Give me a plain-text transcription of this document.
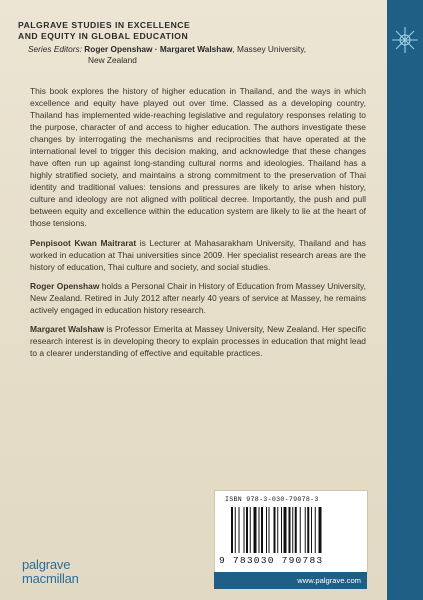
PALGRAVE STUDIES IN EXCELLENCE
AND EQUITY IN GLOBAL EDUCATION
Series Editors: Roger Openshaw · Margaret Walshaw, Massey University,
New Zealand

This book explores the history of higher education in Thailand, and the ways in which excellence and equity have played out over time. Classed as a developing country, Thailand has implemented wide-reaching legislative and regulatory responses relating to the purpose, character of and access to higher education. The authors investigate these changes by interrogating the mechanisms and reciprocities that have operated at the international level to trigger this decision making, and acknowledge that these changes have often run up against long-standing cultural norms and ideologies. Thailand has a highly stratified society, and maintains a strong commitment to the preservation of Thai identity and traditional values: tensions and pressures are likely to arise when history, culture and ideology are not aligned with political decree. Importantly, the push and pull between equity and excellence within the education system are likely to lie at the heart of those tensions.

Penpisoot Kwan Maitrarat is Lecturer at Mahasarakham University, Thailand and has worked in education at Thai universities since 2009. Her specialist research areas are the history of education, Thai culture and society, and social studies.

Roger Openshaw holds a Personal Chair in History of Education from Massey University, New Zealand. Retired in July 2012 after nearly 40 years of service at Massey, he remains actively engaged in education history research.

Margaret Walshaw is Professor Emerita at Massey University, New Zealand. Her specific research interest is in developing theory to explain processes in education that might lead to a clearer understanding of effective and equitable practices.

palgrave
macmillan
ISBN 978-3-030-79078-3
9 783030 790783
www.palgrave.com
